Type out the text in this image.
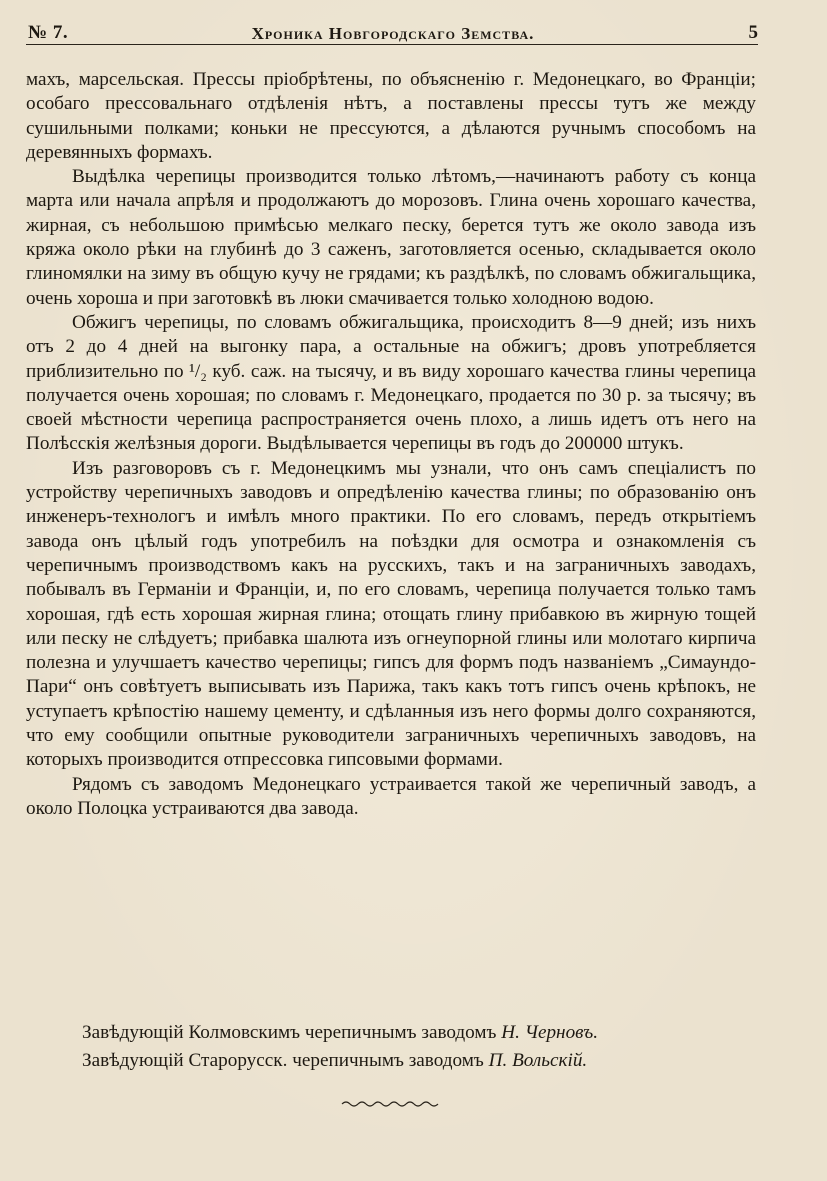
№ 7.	Хроника Новгородскаго Земства.	5

махъ, марсельская. Прессы пріобрѣтены, по объясненію г. Медонецкаго, во Франціи; особаго прессовальнаго отдѣленія нѣтъ, а поставлены прессы тутъ же между сушильными полками; коньки не прессуются, а дѣлаются ручнымъ способомъ на деревянныхъ формахъ.

Выдѣлка черепицы производится только лѣтомъ,—начинаютъ работу съ конца марта или начала апрѣля и продолжаютъ до морозовъ. Глина очень хорошаго качества, жирная, съ небольшою примѣсью мелкаго песку, берется тутъ же около завода изъ кряжа около рѣки на глубинѣ до 3 саженъ, заготовляется осенью, складывается около глиномялки на зиму въ общую кучу не грядами; къ раздѣлкѣ, по словамъ обжигальщика, очень хороша и при заготовкѣ въ люки смачивается только холодною водою.

Обжигъ черепицы, по словамъ обжигальщика, происходитъ 8—9 дней; изъ нихъ отъ 2 до 4 дней на выгонку пара, а остальные на обжигъ; дровъ употребляется приблизительно по ¹/₂ куб. саж. на тысячу, и въ виду хорошаго качества глины черепица получается очень хорошая; по словамъ г. Медонецкаго, продается по 30 р. за тысячу; въ своей мѣстности черепица распространяется очень плохо, а лишь идетъ отъ него на Полѣсскія желѣзныя дороги. Выдѣлывается черепицы въ годъ до 200000 штукъ.

Изъ разговоровъ съ г. Медонецкимъ мы узнали, что онъ самъ спеціалистъ по устройству черепичныхъ заводовъ и опредѣленію качества глины; по образованію онъ инженеръ-технологъ и имѣлъ много практики. По его словамъ, передъ открытіемъ завода онъ цѣлый годъ употребилъ на поѣздки для осмотра и ознакомленія съ черепичнымъ производствомъ какъ на русскихъ, такъ и на заграничныхъ заводахъ, побывалъ въ Германіи и Франціи, и, по его словамъ, черепица получается только тамъ хорошая, гдѣ есть хорошая жирная глина; отощать глину прибавкою въ жирную тощей или песку не слѣдуетъ; прибавка шалюта изъ огнеупорной глины или молотаго кирпича полезна и улучшаетъ качество черепицы; гипсъ для формъ подъ названіемъ „Симаундо-Пари“ онъ совѣтуетъ выписывать изъ Парижа, такъ какъ тотъ гипсъ очень крѣпокъ, не уступаетъ крѣпостію нашему цементу, и сдѣланныя изъ него формы долго сохраняются, что ему сообщили опытные руководители заграничныхъ черепичныхъ заводовъ, на которыхъ производится отпрессовка гипсовыми формами.

Рядомъ съ заводомъ Медонецкаго устраивается такой же черепичный заводъ, а около Полоцка устраиваются два завода.

Завѣдующій Колмовскимъ черепичнымъ заводомъ Н. Черновъ.
Завѣдующій Старорусск. черепичнымъ заводомъ П. Вольскій.
